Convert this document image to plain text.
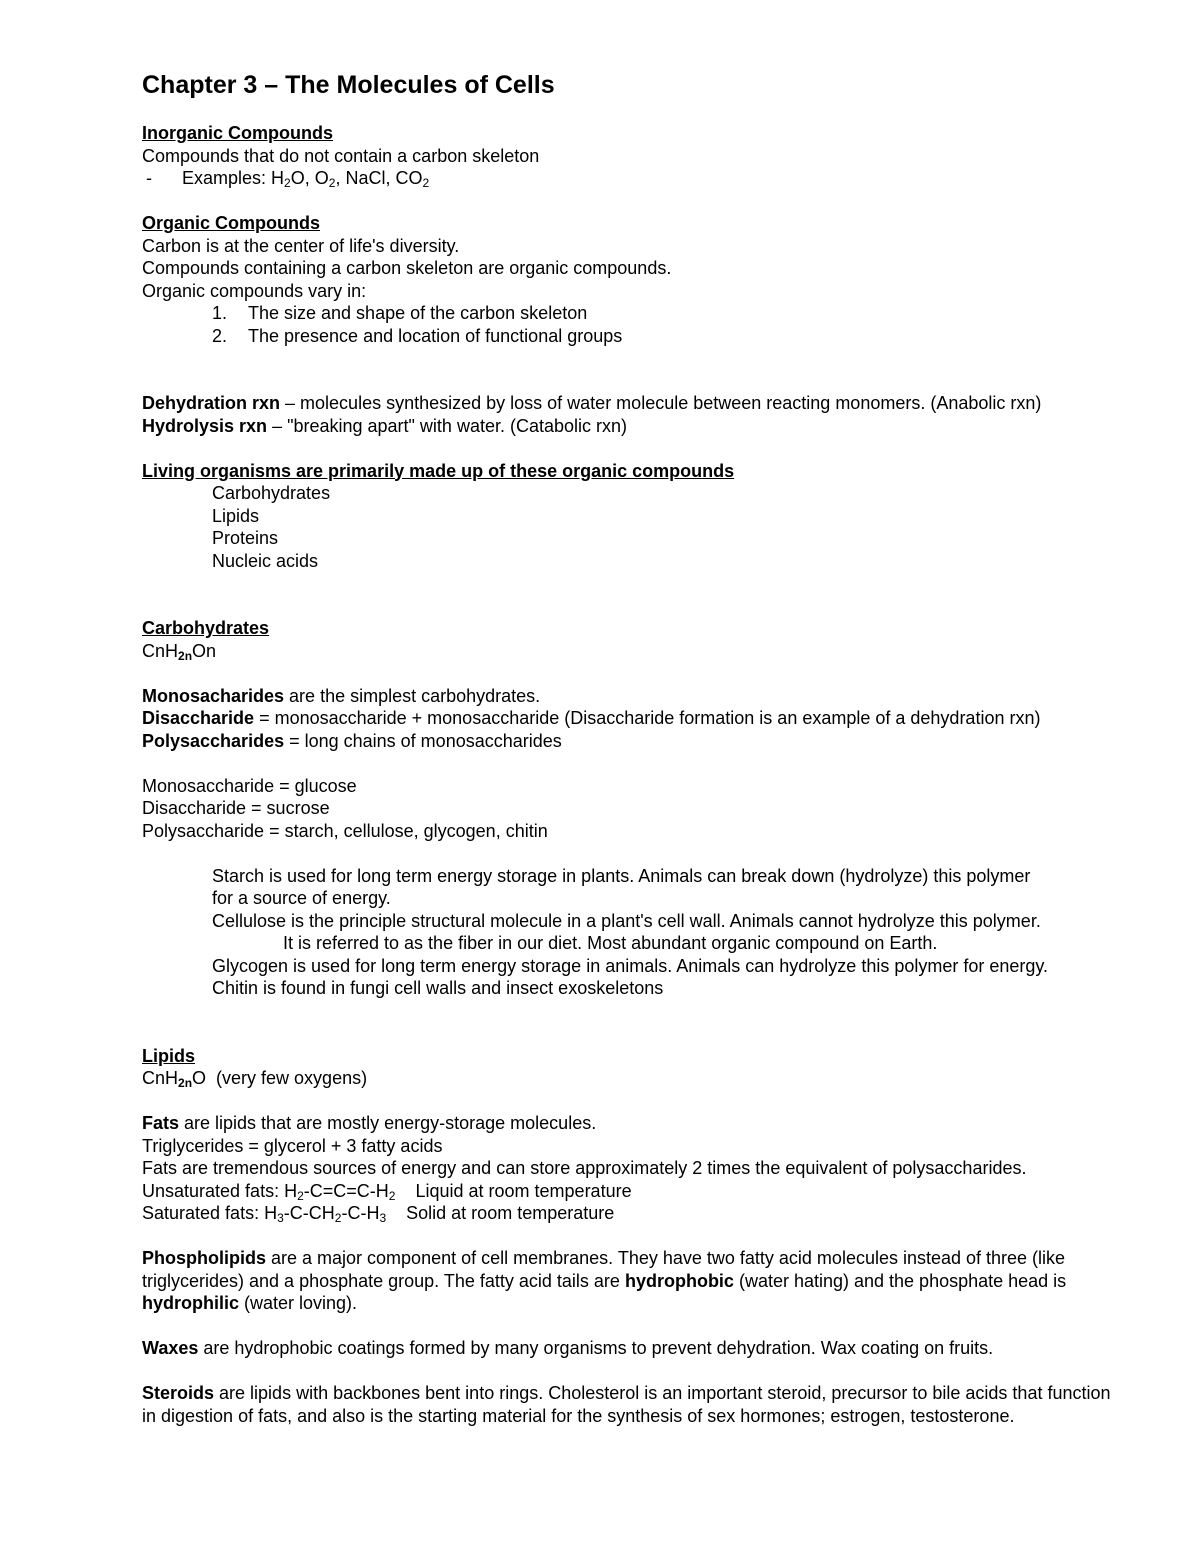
Chapter 3 – The Molecules of Cells
Inorganic Compounds
Compounds that do not contain a carbon skeleton
- Examples: $H_2O$, $O_2$, NaCl, $CO_2$
Organic Compounds
Carbon is at the center of life's diversity.
Compounds containing a carbon skeleton are organic compounds.
Organic compounds vary in:
1. The size and shape of the carbon skeleton
2. The presence and location of functional groups
Dehydration rxn – molecules synthesized by loss of water molecule between reacting monomers. (Anabolic rxn)
Hydrolysis rxn – "breaking apart" with water. (Catabolic rxn)
Living organisms are primarily made up of these organic compounds
Carbohydrates
Lipids
Proteins
Nucleic acids
Carbohydrates
CnH$_{2n}$On
Monosacharides are the simplest carbohydrates.
Disaccharide = monosaccharide + monosaccharide (Disaccharide formation is an example of a dehydration rxn)
Polysaccharides = long chains of monosaccharides
Monosaccharide = glucose
Disaccharide = sucrose
Polysaccharide = starch, cellulose, glycogen, chitin
Starch is used for long term energy storage in plants. Animals can break down (hydrolyze) this polymer
for a source of energy.
Cellulose is the principle structural molecule in a plant's cell wall. Animals cannot hydrolyze this polymer.
It is referred to as the fiber in our diet. Most abundant organic compound on Earth.
Glycogen is used for long term energy storage in animals. Animals can hydrolyze this polymer for energy.
Chitin is found in fungi cell walls and insect exoskeletons
Lipids
CnH$_{2n}$O  (very few oxygens)
Fats are lipids that are mostly energy-storage molecules.
Triglycerides = glycerol + 3 fatty acids
Fats are tremendous sources of energy and can store approximately 2 times the equivalent of polysaccharides.
Unsaturated fats: $H_2-C=C=C-H_2$    Liquid at room temperature
Saturated fats: $H_3-C-CH_2-C-H_3$    Solid at room temperature
Phospholipids are a major component of cell membranes. They have two fatty acid molecules instead of three (like triglycerides) and a phosphate group. The fatty acid tails are hydrophobic (water hating) and the phosphate head is hydrophilic (water loving).
Waxes are hydrophobic coatings formed by many organisms to prevent dehydration. Wax coating on fruits.
Steroids are lipids with backbones bent into rings. Cholesterol is an important steroid, precursor to bile acids that function in digestion of fats, and also is the starting material for the synthesis of sex hormones; estrogen, testosterone.
